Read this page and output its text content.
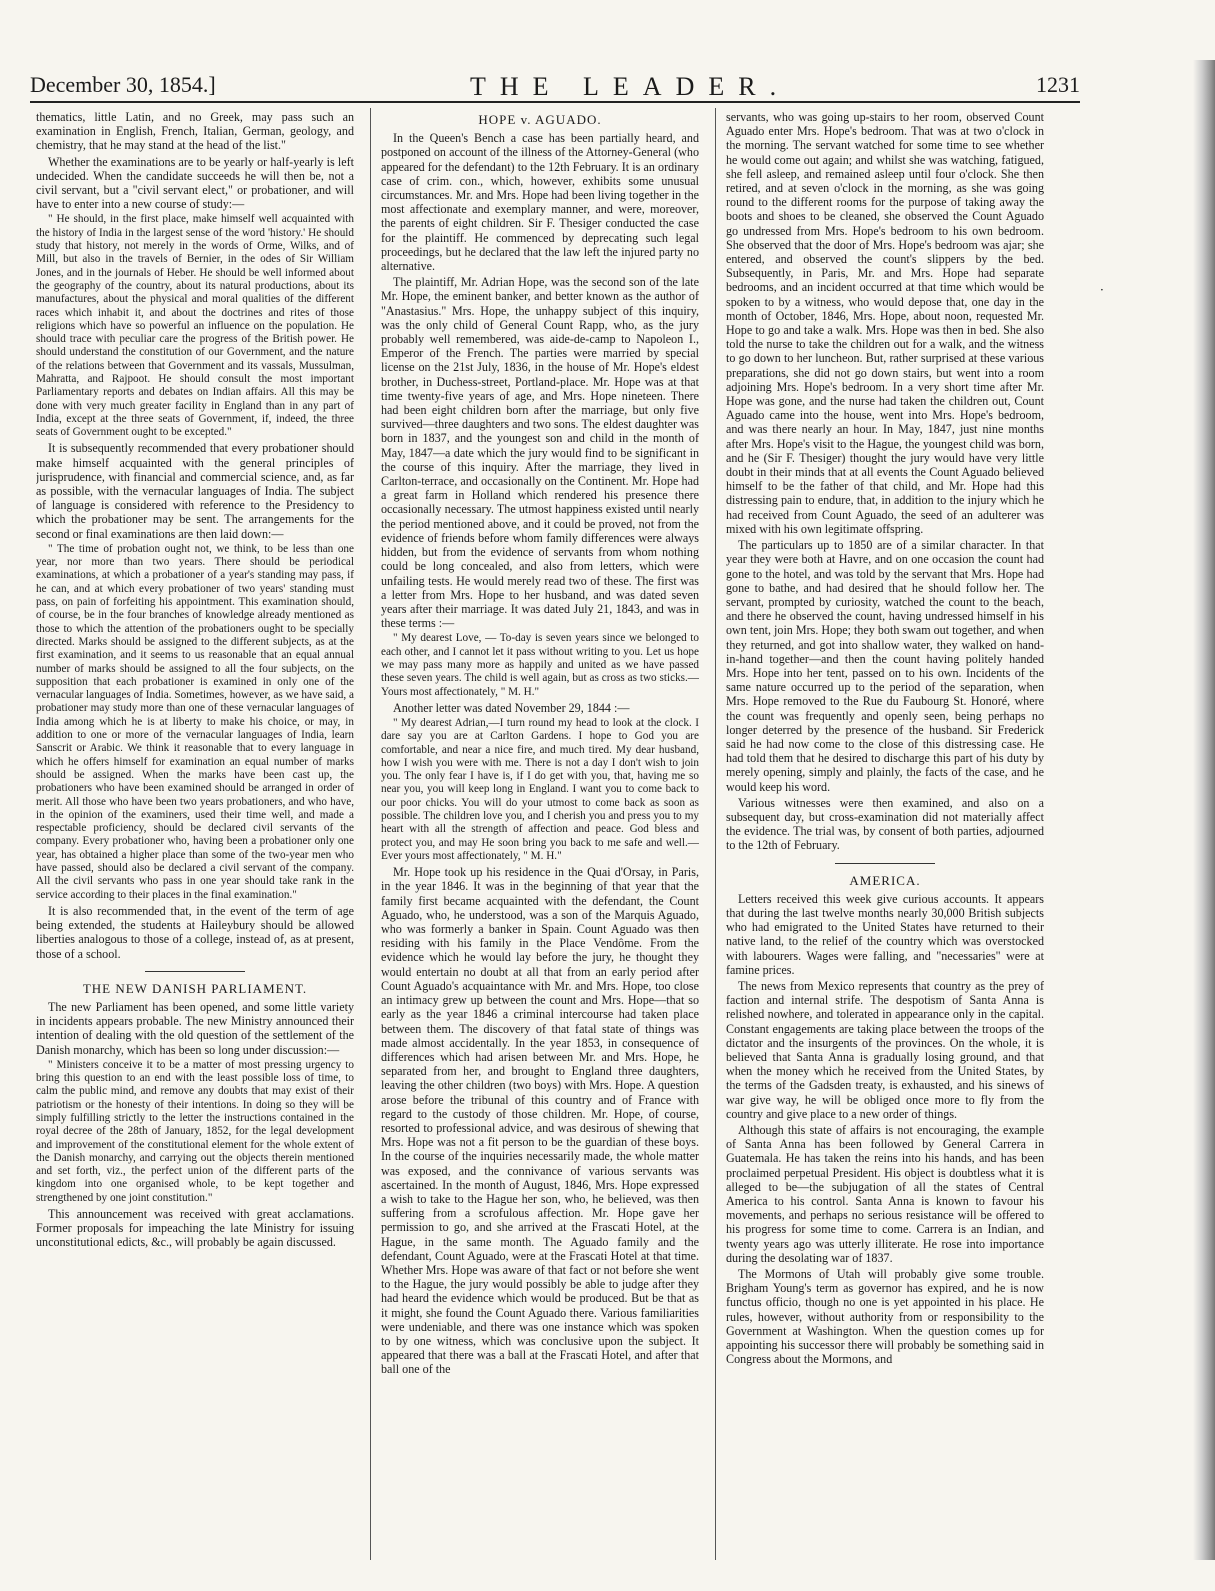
December 30, 1854.]	THE LEADER.	1231

thematics, little Latin, and no Greek, may pass such an examination in English, French, Italian, German, geology, and chemistry, that he may stand at the head of the list."

Whether the examinations are to be yearly or half-yearly is left undecided. When the candidate succeeds he will then be, not a civil servant, but a "civil servant elect," or probationer, and will have to enter into a new course of study:—

" He should, in the first place, make himself well acquainted with the history of India in the largest sense of the word 'history.' He should study that history, not merely in the words of Orme, Wilks, and of Mill, but also in the travels of Bernier, in the odes of Sir William Jones, and in the journals of Heber. He should be well informed about the geography of the country, about its natural productions, about its manufactures, about the physical and moral qualities of the different races which inhabit it, and about the doctrines and rites of those religions which have so powerful an influence on the population. He should trace with peculiar care the progress of the British power. He should understand the constitution of our Government, and the nature of the relations between that Government and its vassals, Mussulman, Mahratta, and Rajpoot. He should consult the most important Parliamentary reports and debates on Indian affairs. All this may be done with very much greater facility in England than in any part of India, except at the three seats of Government, if, indeed, the three seats of Government ought to be excepted."

It is subsequently recommended that every probationer should make himself acquainted with the general principles of jurisprudence, with financial and commercial science, and, as far as possible, with the vernacular languages of India. The subject of language is considered with reference to the Presidency to which the probationer may be sent. The arrangements for the second or final examinations are then laid down:—

" The time of probation ought not, we think, to be less than one year, nor more than two years. There should be periodical examinations, at which a probationer of a year's standing may pass, if he can, and at which every probationer of two years' standing must pass, on pain of forfeiting his appointment. This examination should, of course, be in the four branches of knowledge already mentioned as those to which the attention of the probationers ought to be specially directed. Marks should be assigned to the different subjects, as at the first examination, and it seems to us reasonable that an equal annual number of marks should be assigned to all the four subjects, on the supposition that each probationer is examined in only one of the vernacular languages of India. Sometimes, however, as we have said, a probationer may study more than one of these vernacular languages of India among which he is at liberty to make his choice, or may, in addition to one or more of the vernacular languages of India, learn Sanscrit or Arabic. We think it reasonable that to every language in which he offers himself for examination an equal number of marks should be assigned. When the marks have been cast up, the probationers who have been examined should be arranged in order of merit. All those who have been two years probationers, and who have, in the opinion of the examiners, used their time well, and made a respectable proficiency, should be declared civil servants of the company. Every probationer who, having been a probationer only one year, has obtained a higher place than some of the two-year men who have passed, should also be declared a civil servant of the company. All the civil servants who pass in one year should take rank in the service according to their places in the final examination."

It is also recommended that, in the event of the term of age being extended, the students at Haileybury should be allowed liberties analogous to those of a college, instead of, as at present, those of a school.

THE NEW DANISH PARLIAMENT.

The new Parliament has been opened, and some little variety in incidents appears probable. The new Ministry announced their intention of dealing with the old question of the settlement of the Danish monarchy, which has been so long under discussion:—

" Ministers conceive it to be a matter of most pressing urgency to bring this question to an end with the least possible loss of time, to calm the public mind, and remove any doubts that may exist of their patriotism or the honesty of their intentions. In doing so they will be simply fulfilling strictly to the letter the instructions contained in the royal decree of the 28th of January, 1852, for the legal development and improvement of the constitutional element for the whole extent of the Danish monarchy, and carrying out the objects therein mentioned and set forth, viz., the perfect union of the different parts of the kingdom into one organised whole, to be kept together and strengthened by one joint constitution."

This announcement was received with great acclamations. Former proposals for impeaching the late Ministry for issuing unconstitutional edicts, &c., will probably be again discussed.

HOPE v. AGUADO.

In the Queen's Bench a case has been partially heard, and postponed on account of the illness of the Attorney-General (who appeared for the defendant) to the 12th February. It is an ordinary case of crim. con., which, however, exhibits some unusual circumstances. Mr. and Mrs. Hope had been living together in the most affectionate and exemplary manner, and were, moreover, the parents of eight children. Sir F. Thesiger conducted the case for the plaintiff. He commenced by deprecating such legal proceedings, but he declared that the law left the injured party no alternative.

The plaintiff, Mr. Adrian Hope, was the second son of the late Mr. Hope, the eminent banker, and better known as the author of "Anastasius." Mrs. Hope, the unhappy subject of this inquiry, was the only child of General Count Rapp, who, as the jury probably well remembered, was aide-de-camp to Napoleon I., Emperor of the French. The parties were married by special license on the 21st July, 1836, in the house of Mr. Hope's eldest brother, in Duchess-street, Portland-place. Mr. Hope was at that time twenty-five years of age, and Mrs. Hope nineteen. There had been eight children born after the marriage, but only five survived—three daughters and two sons. The eldest daughter was born in 1837, and the youngest son and child in the month of May, 1847—a date which the jury would find to be significant in the course of this inquiry. After the marriage, they lived in Carlton-terrace, and occasionally on the Continent. Mr. Hope had a great farm in Holland which rendered his presence there occasionally necessary. The utmost happiness existed until nearly the period mentioned above, and it could be proved, not from the evidence of friends before whom family differences were always hidden, but from the evidence of servants from whom nothing could be long concealed, and also from letters, which were unfailing tests. He would merely read two of these. The first was a letter from Mrs. Hope to her husband, and was dated seven years after their marriage. It was dated July 21, 1843, and was in these terms :—

" My dearest Love, — To-day is seven years since we belonged to each other, and I cannot let it pass without writing to you. Let us hope we may pass many more as happily and united as we have passed these seven years. The child is well again, but as cross as two sticks.—Yours most affectionately, " M. H."

Another letter was dated November 29, 1844 :—

" My dearest Adrian,—I turn round my head to look at the clock. I dare say you are at Carlton Gardens. I hope to God you are comfortable, and near a nice fire, and much tired. My dear husband, how I wish you were with me. There is not a day I don't wish to join you. The only fear I have is, if I do get with you, that, having me so near you, you will keep long in England. I want you to come back to our poor chicks. You will do your utmost to come back as soon as possible. The children love you, and I cherish you and press you to my heart with all the strength of affection and peace. God bless and protect you, and may He soon bring you back to me safe and well.—Ever yours most affectionately, " M. H."

Mr. Hope took up his residence in the Quai d'Orsay, in Paris, in the year 1846. It was in the beginning of that year that the family first became acquainted with the defendant, the Count Aguado, who, he understood, was a son of the Marquis Aguado, who was formerly a banker in Spain. Count Aguado was then residing with his family in the Place Vendôme. From the evidence which he would lay before the jury, he thought they would entertain no doubt at all that from an early period after Count Aguado's acquaintance with Mr. and Mrs. Hope, too close an intimacy grew up between the count and Mrs. Hope—that so early as the year 1846 a criminal intercourse had taken place between them. The discovery of that fatal state of things was made almost accidentally. In the year 1853, in consequence of differences which had arisen between Mr. and Mrs. Hope, he separated from her, and brought to England three daughters, leaving the other children (two boys) with Mrs. Hope. A question arose before the tribunal of this country and of France with regard to the custody of those children. Mr. Hope, of course, resorted to professional advice, and was desirous of shewing that Mrs. Hope was not a fit person to be the guardian of these boys. In the course of the inquiries necessarily made, the whole matter was exposed, and the connivance of various servants was ascertained. In the month of August, 1846, Mrs. Hope expressed a wish to take to the Hague her son, who, he believed, was then suffering from a scrofulous affection. Mr. Hope gave her permission to go, and she arrived at the Frascati Hotel, at the Hague, in the same month. The Aguado family and the defendant, Count Aguado, were at the Frascati Hotel at that time. Whether Mrs. Hope was aware of that fact or not before she went to the Hague, the jury would possibly be able to judge after they had heard the evidence which would be produced. But be that as it might, she found the Count Aguado there. Various familiarities were undeniable, and there was one instance which was spoken to by one witness, which was conclusive upon the subject. It appeared that there was a ball at the Frascati Hotel, and after that ball one of the

servants, who was going up-stairs to her room, observed Count Aguado enter Mrs. Hope's bedroom. That was at two o'clock in the morning. The servant watched for some time to see whether he would come out again; and whilst she was watching, fatigued, she fell asleep, and remained asleep until four o'clock. She then retired, and at seven o'clock in the morning, as she was going round to the different rooms for the purpose of taking away the boots and shoes to be cleaned, she observed the Count Aguado go undressed from Mrs. Hope's bedroom to his own bedroom. She observed that the door of Mrs. Hope's bedroom was ajar; she entered, and observed the count's slippers by the bed. Subsequently, in Paris, Mr. and Mrs. Hope had separate bedrooms, and an incident occurred at that time which would be spoken to by a witness, who would depose that, one day in the month of October, 1846, Mrs. Hope, about noon, requested Mr. Hope to go and take a walk. Mrs. Hope was then in bed. She also told the nurse to take the children out for a walk, and the witness to go down to her luncheon. But, rather surprised at these various preparations, she did not go down stairs, but went into a room adjoining Mrs. Hope's bedroom. In a very short time after Mr. Hope was gone, and the nurse had taken the children out, Count Aguado came into the house, went into Mrs. Hope's bedroom, and was there nearly an hour. In May, 1847, just nine months after Mrs. Hope's visit to the Hague, the youngest child was born, and he (Sir F. Thesiger) thought the jury would have very little doubt in their minds that at all events the Count Aguado believed himself to be the father of that child, and Mr. Hope had this distressing pain to endure, that, in addition to the injury which he had received from Count Aguado, the seed of an adulterer was mixed with his own legitimate offspring.

The particulars up to 1850 are of a similar character. In that year they were both at Havre, and on one occasion the count had gone to the hotel, and was told by the servant that Mrs. Hope had gone to bathe, and had desired that he should follow her. The servant, prompted by curiosity, watched the count to the beach, and there he observed the count, having undressed himself in his own tent, join Mrs. Hope; they both swam out together, and when they returned, and got into shallow water, they walked on hand-in-hand together—and then the count having politely handed Mrs. Hope into her tent, passed on to his own. Incidents of the same nature occurred up to the period of the separation, when Mrs. Hope removed to the Rue du Faubourg St. Honoré, where the count was frequently and openly seen, being perhaps no longer deterred by the presence of the husband. Sir Frederick said he had now come to the close of this distressing case. He had told them that he desired to discharge this part of his duty by merely opening, simply and plainly, the facts of the case, and he would keep his word.

Various witnesses were then examined, and also on a subsequent day, but cross-examination did not materially affect the evidence. The trial was, by consent of both parties, adjourned to the 12th of February.

AMERICA.

Letters received this week give curious accounts. It appears that during the last twelve months nearly 30,000 British subjects who had emigrated to the United States have returned to their native land, to the relief of the country which was overstocked with labourers. Wages were falling, and "necessaries" were at famine prices.

The news from Mexico represents that country as the prey of faction and internal strife. The despotism of Santa Anna is relished nowhere, and tolerated in appearance only in the capital. Constant engagements are taking place between the troops of the dictator and the insurgents of the provinces. On the whole, it is believed that Santa Anna is gradually losing ground, and that when the money which he received from the United States, by the terms of the Gadsden treaty, is exhausted, and his sinews of war give way, he will be obliged once more to fly from the country and give place to a new order of things.

Although this state of affairs is not encouraging, the example of Santa Anna has been followed by General Carrera in Guatemala. He has taken the reins into his hands, and has been proclaimed perpetual President. His object is doubtless what it is alleged to be—the subjugation of all the states of Central America to his control. Santa Anna is known to favour his movements, and perhaps no serious resistance will be offered to his progress for some time to come. Carrera is an Indian, and twenty years ago was utterly illiterate. He rose into importance during the desolating war of 1837.

The Mormons of Utah will probably give some trouble. Brigham Young's term as governor has expired, and he is now functus officio, though no one is yet appointed in his place. He rules, however, without authority from or responsibility to the Government at Washington. When the question comes up for appointing his successor there will probably be something said in Congress about the Mormons, and

·
